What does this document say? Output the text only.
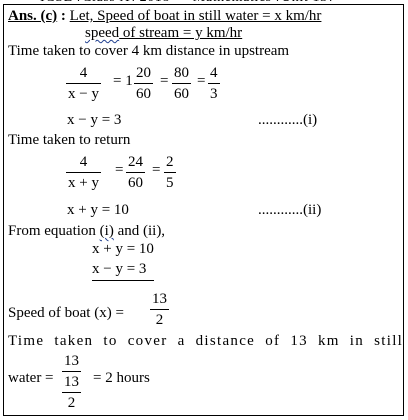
Ans. (c) : Let, Speed of boat in still water = x km/hr
speed of stream = y km/hr
Time taken to cover 4 km distance in upstream
4
x − y
= 1 20
60
= 80
60
= 4
3
x − y = 3	............(i)
Time taken to return
4
x + y
= 24
60
= 2
5
x + y = 10	............(ii)
From equation (i) and (ii),
x + y = 10
x − y = 3
Speed of boat (x) =
13
2
Time taken to cover a distance of 13 km in still
water =
13
$\frac{13}{2} = 2$ hours
